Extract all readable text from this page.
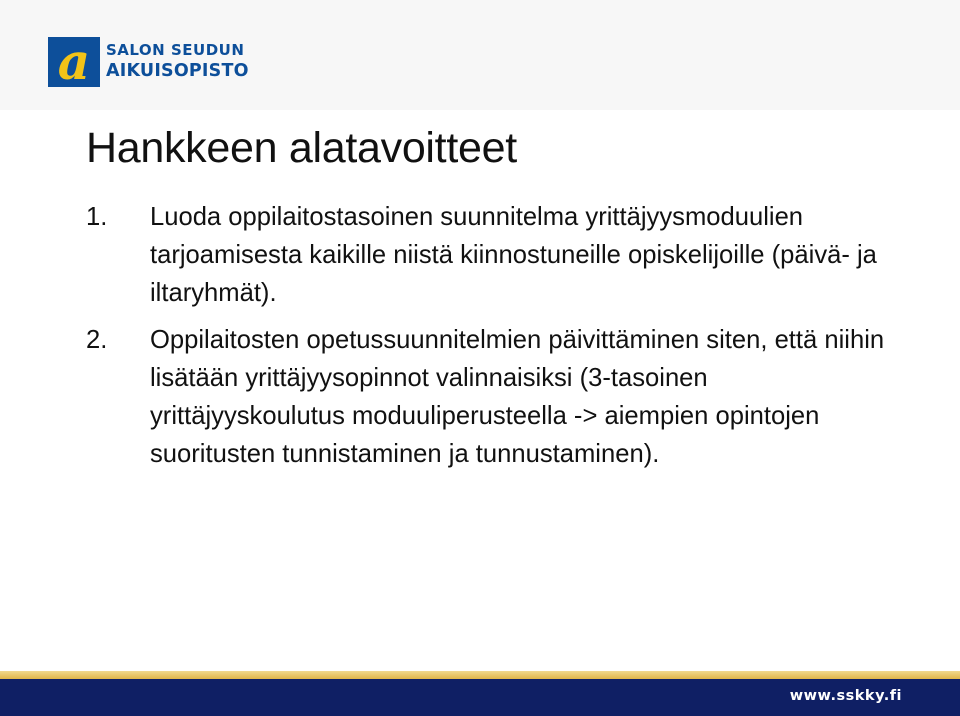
a SALON SEUDUN
AIKUISOPISTO
Hankkeen alatavoitteet
1. Luoda oppilaitostasoinen suunnitelma yrittäjyysmoduulien tarjoamisesta kaikille niistä kiinnostuneille opiskelijoille (päivä- ja iltaryhmät).
2. Oppilaitosten opetussuunnitelmien päivittäminen siten, että niihin lisätään yrittäjyysopinnot valinnaisiksi (3-tasoinen yrittäjyyskoulutus moduuliperusteella -> aiempien opintojen suoritusten tunnistaminen ja tunnustaminen).
www.sskky.fi
